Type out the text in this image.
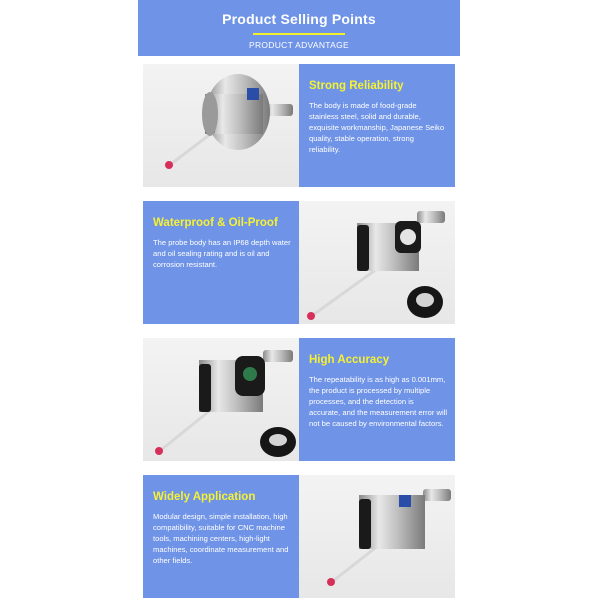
Product Selling Points
PRODUCT ADVANTAGE
Strong Reliability

The body is made of food-grade stainless steel, solid and durable, exquisite workmanship, Japanese Seiko quality, stable operation, strong reliability.

Waterproof & Oil-Proof

The probe body has an IP68 depth water and oil sealing rating and is oil and corrosion resistant.

High Accuracy

The repeatability is as high as 0.001mm, the product is processed by multiple processes, and the detection is accurate, and the measurement error will not be caused by environmental factors.

Widely Application

Modular design, simple installation, high compatibility, suitable for CNC machine tools, machining centers, high-light machines, coordinate measurement and other fields.
